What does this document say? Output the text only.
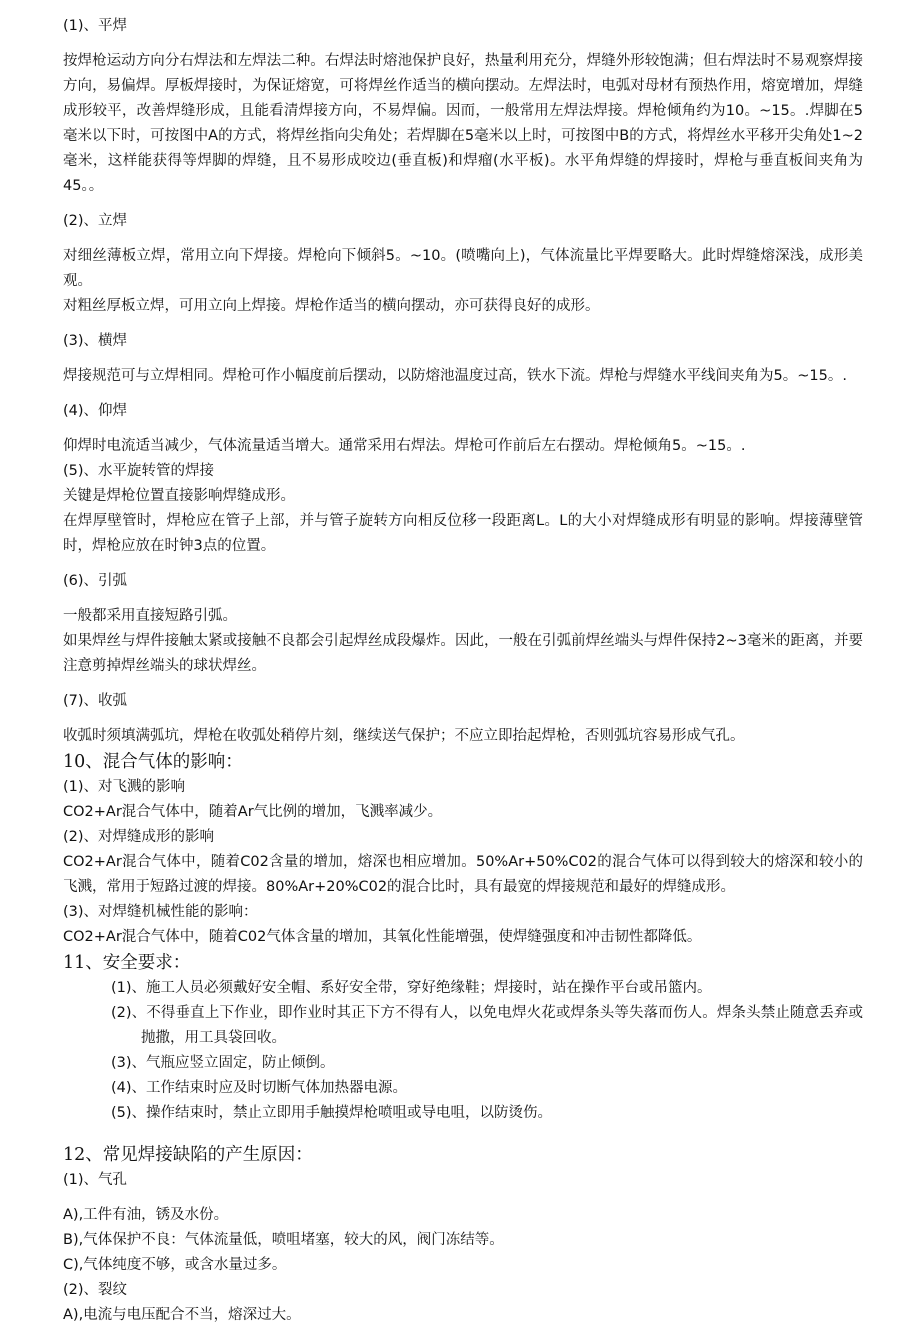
(1)、平焊

按焊枪运动方向分右焊法和左焊法二种。右焊法时熔池保护良好，热量利用充分，焊缝外形较饱满；但右焊法时不易观察焊接方向，易偏焊。厚板焊接时，为保证熔宽，可将焊丝作适当的横向摆动。左焊法时，电弧对母材有预热作用，熔宽增加，焊缝成形较平，改善焊缝形成，且能看清焊接方向，不易焊偏。因而，一般常用左焊法焊接。焊枪倾角约为10。~15。.焊脚在5毫米以下时，可按图中A的方式，将焊丝指向尖角处；若焊脚在5毫米以上时，可按图中B的方式，将焊丝水平移开尖角处1~2毫米，这样能获得等焊脚的焊缝，且不易形成咬边(垂直板)和焊瘤(水平板)。水平角焊缝的焊接时，焊枪与垂直板间夹角为45。。

(2)、立焊

对细丝薄板立焊，常用立向下焊接。焊枪向下倾斜5。~10。(喷嘴向上)，气体流量比平焊要略大。此时焊缝熔深浅，成形美观。

对粗丝厚板立焊，可用立向上焊接。焊枪作适当的横向摆动，亦可获得良好的成形。

(3)、横焊

焊接规范可与立焊相同。焊枪可作小幅度前后摆动，以防熔池温度过高，铁水下流。焊枪与焊缝水平线间夹角为5。~15。.

(4)、仰焊

仰焊时电流适当减少，气体流量适当增大。通常采用右焊法。焊枪可作前后左右摆动。焊枪倾角5。~15。.

(5)、水平旋转管的焊接

关键是焊枪位置直接影响焊缝成形。

在焊厚壁管时，焊枪应在管子上部，并与管子旋转方向相反位移一段距离L。L的大小对焊缝成形有明显的影响。焊接薄壁管时，焊枪应放在时钟3点的位置。

(6)、引弧

一般都采用直接短路引弧。

如果焊丝与焊件接触太紧或接触不良都会引起焊丝成段爆炸。因此，一般在引弧前焊丝端头与焊件保持2~3毫米的距离，并要注意剪掉焊丝端头的球状焊丝。

(7)、收弧

收弧时须填满弧坑，焊枪在收弧处稍停片刻，继续送气保护；不应立即抬起焊枪，否则弧坑容易形成气孔。

10、混合气体的影响：

(1)、对飞溅的影响

CO2+Ar混合气体中，随着Ar气比例的增加，飞溅率减少。

(2)、对焊缝成形的影响

CO2+Ar混合气体中，随着C02含量的增加，熔深也相应增加。50%Ar+50%C02的混合气体可以得到较大的熔深和较小的飞溅，常用于短路过渡的焊接。80%Ar+20%C02的混合比时，具有最宽的焊接规范和最好的焊缝成形。

(3)、对焊缝机械性能的影响：

CO2+Ar混合气体中，随着C02气体含量的增加，其氧化性能增强，使焊缝强度和冲击韧性都降低。

11、安全要求：

(1)、施工人员必须戴好安全帽、系好安全带，穿好绝缘鞋；焊接时，站在操作平台或吊篮内。

(2)、不得垂直上下作业，即作业时其正下方不得有人，以免电焊火花或焊条头等失落而伤人。焊条头禁止随意丢弃或抛撒，用工具袋回收。

(3)、气瓶应竖立固定，防止倾倒。

(4)、工作结束时应及时切断气体加热器电源。

(5)、操作结束时，禁止立即用手触摸焊枪喷咀或导电咀，以防烫伤。

12、常见焊接缺陷的产生原因：

(1)、气孔

A),工件有油，锈及水份。

B),气体保护不良：气体流量低，喷咀堵塞，较大的风，阀门冻结等。

C),气体纯度不够，或含水量过多。

(2)、裂纹

A),电流与电压配合不当，熔深过大。
